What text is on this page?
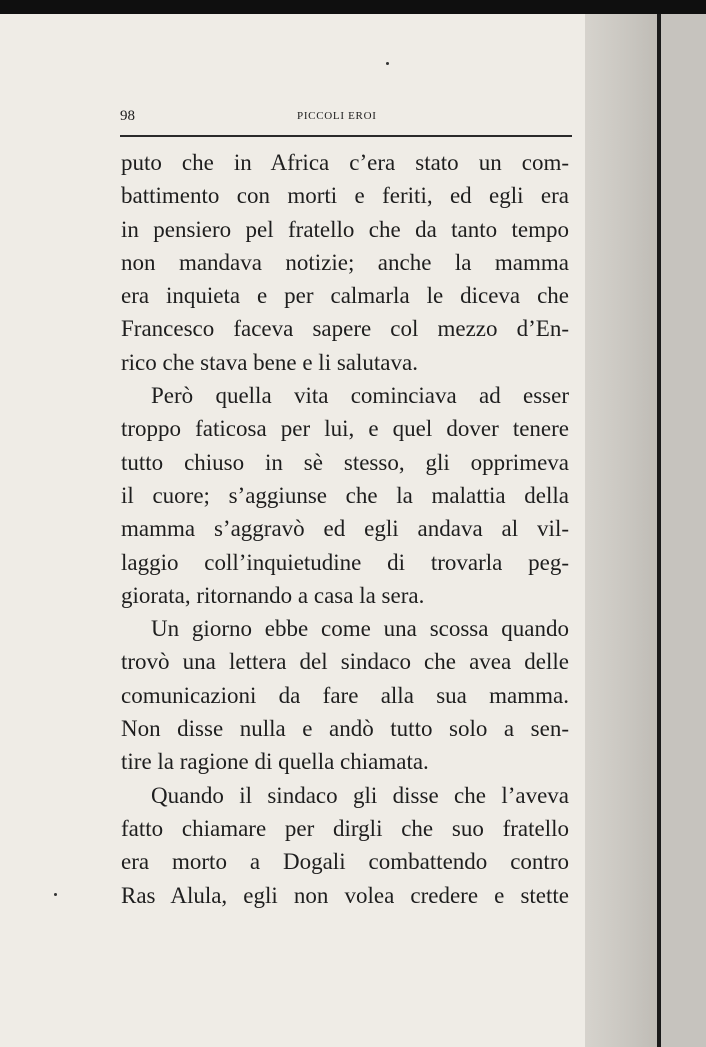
98	PICCOLI EROI
puto che in Africa c’era stato un com-
battimento con morti e feriti, ed egli era
in pensiero pel fratello che da tanto tempo
non mandava notizie; anche la mamma
era inquieta e per calmarla le diceva che
Francesco faceva sapere col mezzo d’En-
rico che stava bene e li salutava.
Però quella vita cominciava ad esser
troppo faticosa per lui, e quel dover tenere
tutto chiuso in sè stesso, gli opprimeva
il cuore; s’aggiunse che la malattia della
mamma s’aggravò ed egli andava al vil-
laggio coll’inquietudine di trovarla peg-
giorata, ritornando a casa la sera.
Un giorno ebbe come una scossa quando
trovò una lettera del sindaco che avea delle
comunicazioni da fare alla sua mamma.
Non disse nulla e andò tutto solo a sen-
tire la ragione di quella chiamata.
Quando il sindaco gli disse che l’aveva
fatto chiamare per dirgli che suo fratello
era morto a Dogali combattendo contro
Ras Alula, egli non volea credere e stette
